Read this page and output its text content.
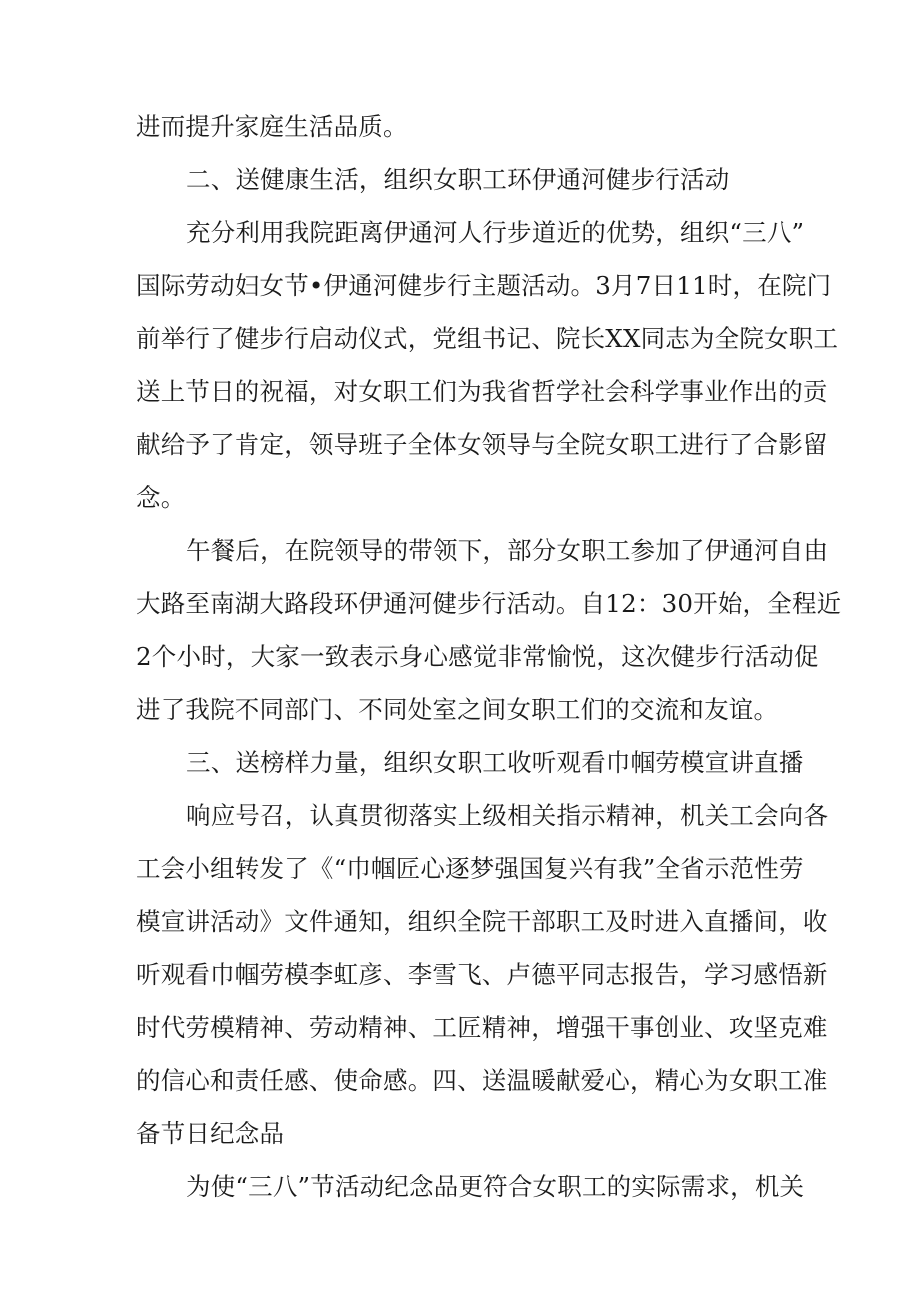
进而提升家庭生活品质。
二、送健康生活，组织女职工环伊通河健步行活动
充分利用我院距离伊通河人行步道近的优势，组织“三八”
国际劳动妇女节•伊通河健步行主题活动。3月7日11时，在院门
前举行了健步行启动仪式，党组书记、院长XX同志为全院女职工
送上节日的祝福，对女职工们为我省哲学社会科学事业作出的贡
献给予了肯定，领导班子全体女领导与全院女职工进行了合影留
念。
午餐后，在院领导的带领下，部分女职工参加了伊通河自由
大路至南湖大路段环伊通河健步行活动。自12：30开始，全程近
2个小时，大家一致表示身心感觉非常愉悦，这次健步行活动促
进了我院不同部门、不同处室之间女职工们的交流和友谊。
三、送榜样力量，组织女职工收听观看巾帼劳模宣讲直播
响应号召，认真贯彻落实上级相关指示精神，机关工会向各
工会小组转发了《“巾帼匠心逐梦强国复兴有我”全省示范性劳
模宣讲活动》文件通知，组织全院干部职工及时进入直播间，收
听观看巾帼劳模李虹彦、李雪飞、卢德平同志报告，学习感悟新
时代劳模精神、劳动精神、工匠精神，增强干事创业、攻坚克难
的信心和责任感、使命感。四、送温暖献爱心，精心为女职工准
备节日纪念品
为使“三八”节活动纪念品更符合女职工的实际需求，机关
